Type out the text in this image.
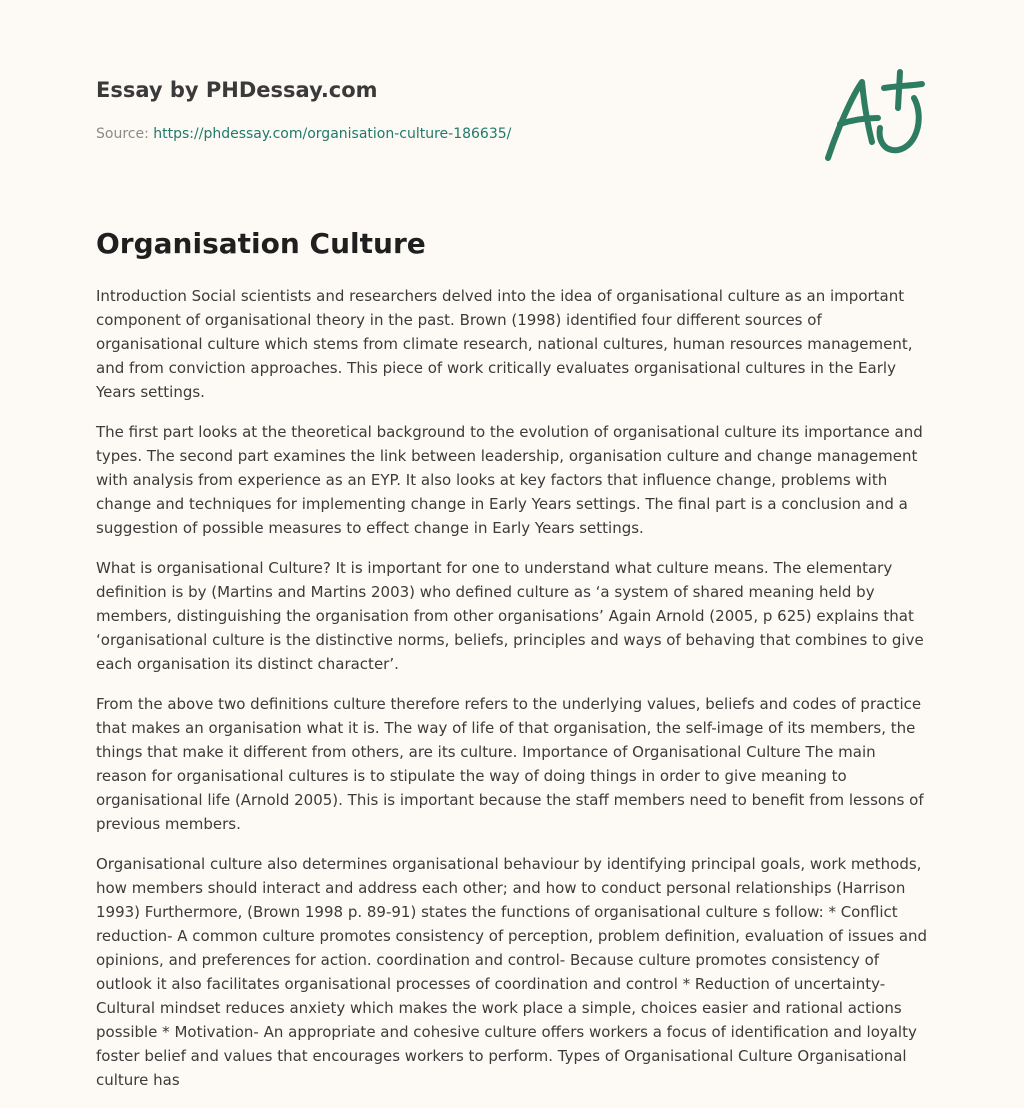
Essay by PHDessay.com
Source: https://phdessay.com/organisation-culture-186635/
Organisation Culture

Introduction Social scientists and researchers delved into the idea of organisational culture as an important component of organisational theory in the past. Brown (1998) identified four different sources of organisational culture which stems from climate research, national cultures, human resources management, and from conviction approaches. This piece of work critically evaluates organisational cultures in the Early Years settings.

The first part looks at the theoretical background to the evolution of organisational culture its importance and types. The second part examines the link between leadership, organisation culture and change management with analysis from experience as an EYP. It also looks at key factors that influence change, problems with change and techniques for implementing change in Early Years settings. The final part is a conclusion and a suggestion of possible measures to effect change in Early Years settings.

What is organisational Culture? It is important for one to understand what culture means. The elementary definition is by (Martins and Martins 2003) who defined culture as ‘a system of shared meaning held by members, distinguishing the organisation from other organisations’ Again Arnold (2005, p 625) explains that ‘organisational culture is the distinctive norms, beliefs, principles and ways of behaving that combines to give each organisation its distinct character’.

From the above two definitions culture therefore refers to the underlying values, beliefs and codes of practice that makes an organisation what it is. The way of life of that organisation, the self-image of its members, the things that make it different from others, are its culture. Importance of Organisational Culture The main reason for organisational cultures is to stipulate the way of doing things in order to give meaning to organisational life (Arnold 2005). This is important because the staff members need to benefit from lessons of previous members.

Organisational culture also determines organisational behaviour by identifying principal goals, work methods, how members should interact and address each other; and how to conduct personal relationships (Harrison 1993) Furthermore, (Brown 1998 p. 89-91) states the functions of organisational culture s follow: * Conflict reduction- A common culture promotes consistency of perception, problem definition, evaluation of issues and opinions, and preferences for action. coordination and control- Because culture promotes consistency of outlook it also facilitates organisational processes of coordination and control * Reduction of uncertainty- Cultural mindset reduces anxiety which makes the work place a simple, choices easier and rational actions possible * Motivation- An appropriate and cohesive culture offers workers a focus of identification and loyalty foster belief and values that encourages workers to perform. Types of Organisational Culture Organisational culture has
